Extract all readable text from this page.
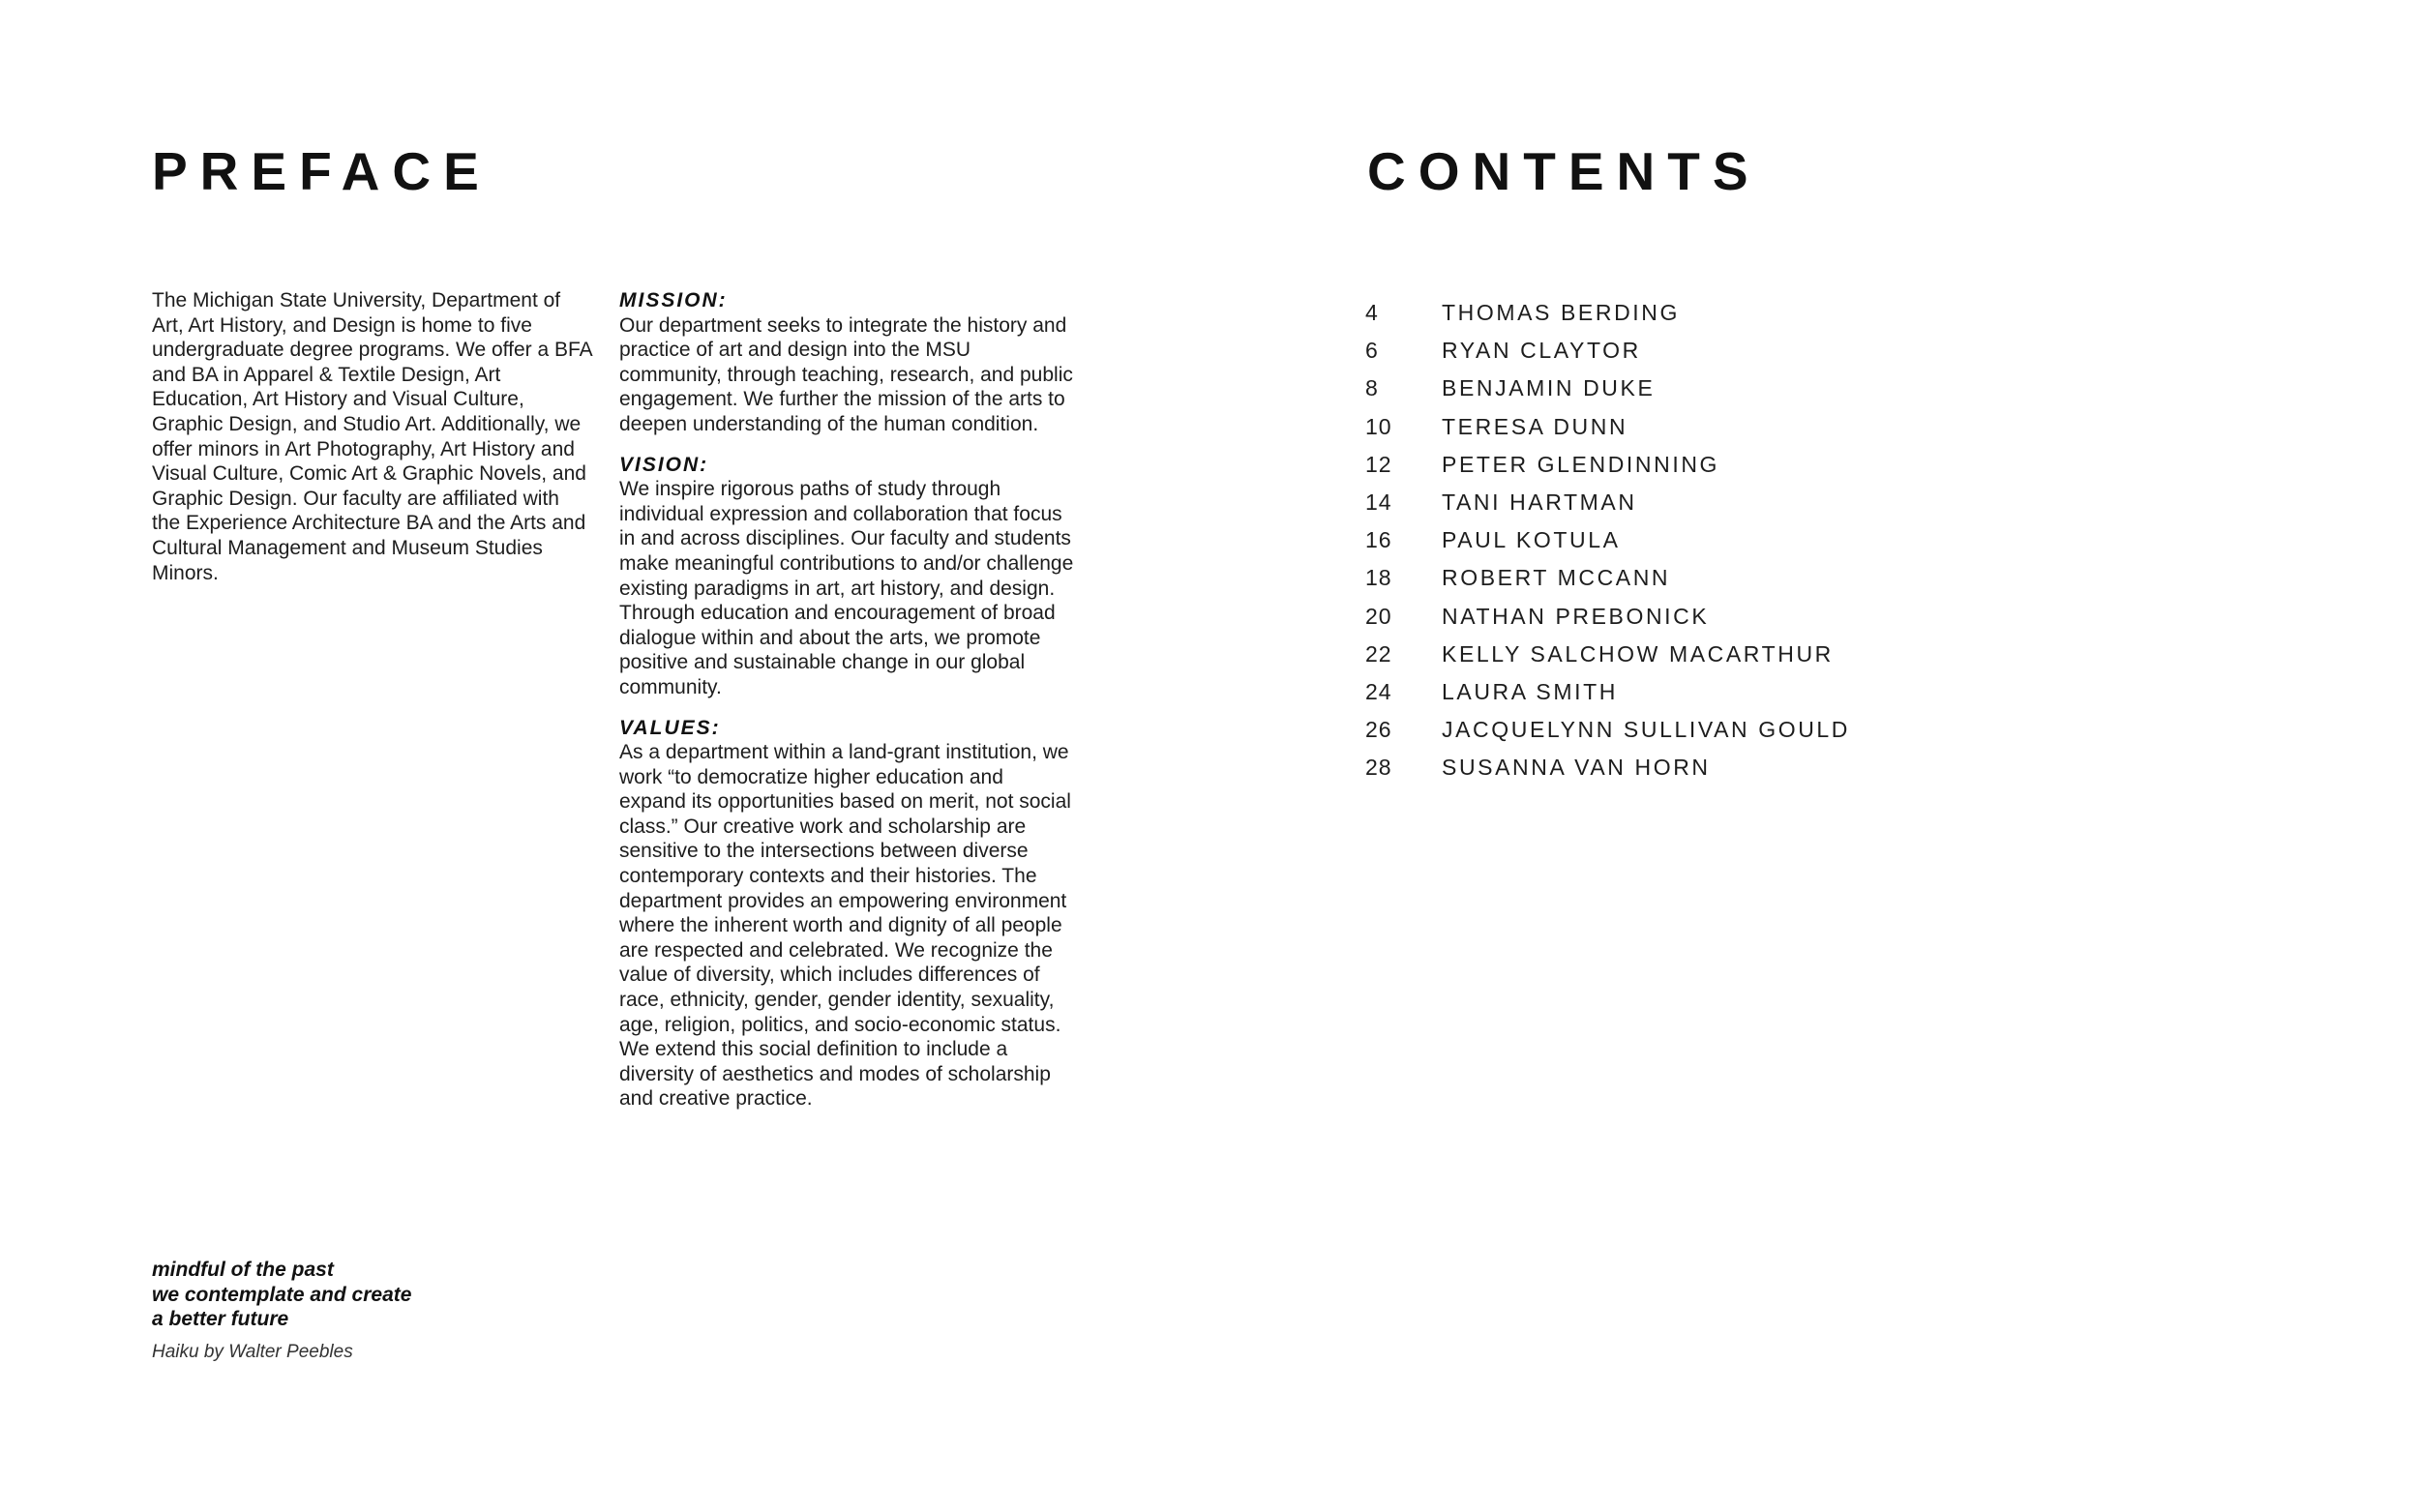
PREFACE	CONTENTS

The Michigan State University, Department of Art, Art History, and Design is home to five undergraduate degree programs. We offer a BFA and BA in Apparel & Textile Design, Art Education, Art History and Visual Culture, Graphic Design, and Studio Art. Additionally, we offer minors in Art Photography, Art History and Visual Culture, Comic Art & Graphic Novels, and Graphic Design. Our faculty are affiliated with the Experience Architecture BA and the Arts and Cultural Management and Museum Studies Minors.

MISSION:
Our department seeks to integrate the history and practice of art and design into the MSU community, through teaching, research, and public engagement. We further the mission of the arts to deepen understanding of the human condition.
VISION:
We inspire rigorous paths of study through individual expression and collaboration that focus in and across disciplines. Our faculty and students make meaningful contributions to and/or challenge existing paradigms in art, art history, and design. Through education and encouragement of broad dialogue within and about the arts, we promote positive and sustainable change in our global community.
VALUES:
As a department within a land-grant institution, we work “to democratize higher education and expand its opportunities based on merit, not social class.” Our creative work and scholarship are sensitive to the intersections between diverse contemporary contexts and their histories. The department provides an empowering environment where the inherent worth and dignity of all people are respected and celebrated. We recognize the value of diversity, which includes differences of race, ethnicity, gender, gender identity, sexuality, age, religion, politics, and socio-economic status. We extend this social definition to include a diversity of aesthetics and modes of scholarship and creative practice.
mindful of the past
we contemplate and create
a better future
Haiku by Walter Peebles
4	THOMAS BERDING
6	RYAN CLAYTOR
8	BENJAMIN DUKE
10	TERESA DUNN
12	PETER GLENDINNING
14	TANI HARTMAN
16	PAUL KOTULA
18	ROBERT MCCANN
20	NATHAN PREBONICK
22	KELLY SALCHOW MACARTHUR
24	LAURA SMITH
26	JACQUELYNN SULLIVAN GOULD
28	SUSANNA VAN HORN
